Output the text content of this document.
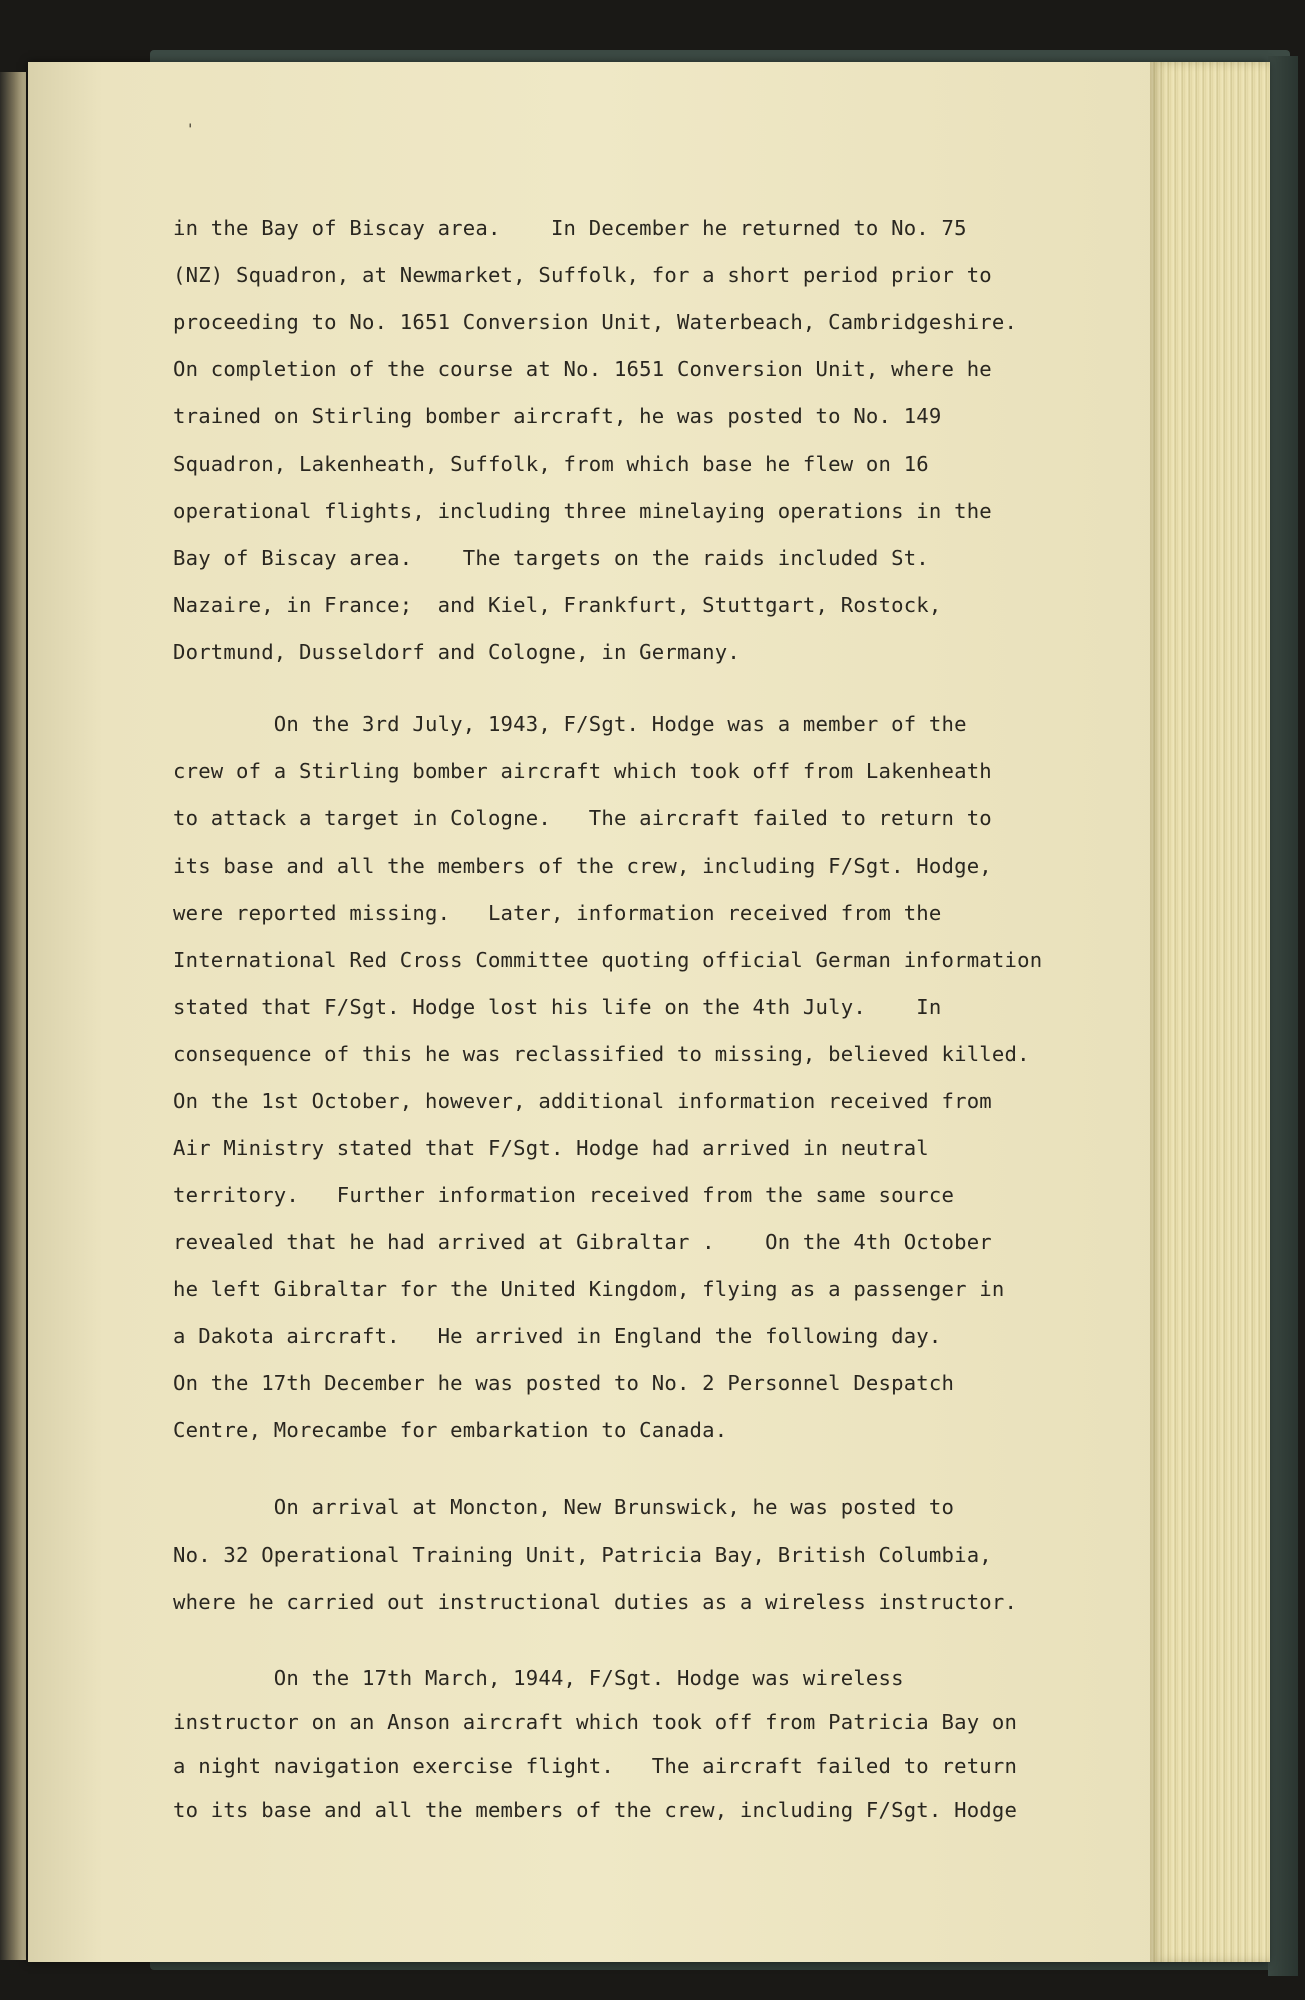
'
in the Bay of Biscay area.    In December he returned to No. 75
(NZ) Squadron, at Newmarket, Suffolk, for a short period prior to
proceeding to No. 1651 Conversion Unit, Waterbeach, Cambridgeshire.
On completion of the course at No. 1651 Conversion Unit, where he
trained on Stirling bomber aircraft, he was posted to No. 149
Squadron, Lakenheath, Suffolk, from which base he flew on 16
operational flights, including three minelaying operations in the
Bay of Biscay area.    The targets on the raids included St.
Nazaire, in France;  and Kiel, Frankfurt, Stuttgart, Rostock,
Dortmund, Dusseldorf and Cologne, in Germany.
On the 3rd July, 1943, F/Sgt. Hodge was a member of the
crew of a Stirling bomber aircraft which took off from Lakenheath
to attack a target in Cologne.   The aircraft failed to return to
its base and all the members of the crew, including F/Sgt. Hodge,
were reported missing.   Later, information received from the
International Red Cross Committee quoting official German information
stated that F/Sgt. Hodge lost his life on the 4th July.    In
consequence of this he was reclassified to missing, believed killed.
On the 1st October, however, additional information received from
Air Ministry stated that F/Sgt. Hodge had arrived in neutral
territory.   Further information received from the same source
revealed that he had arrived at Gibraltar .    On the 4th October
he left Gibraltar for the United Kingdom, flying as a passenger in
a Dakota aircraft.   He arrived in England the following day.
On the 17th December he was posted to No. 2 Personnel Despatch
Centre, Morecambe for embarkation to Canada.
On arrival at Moncton, New Brunswick, he was posted to
No. 32 Operational Training Unit, Patricia Bay, British Columbia,
where he carried out instructional duties as a wireless instructor.
On the 17th March, 1944, F/Sgt. Hodge was wireless
instructor on an Anson aircraft which took off from Patricia Bay on
a night navigation exercise flight.   The aircraft failed to return
to its base and all the members of the crew, including F/Sgt. Hodge
